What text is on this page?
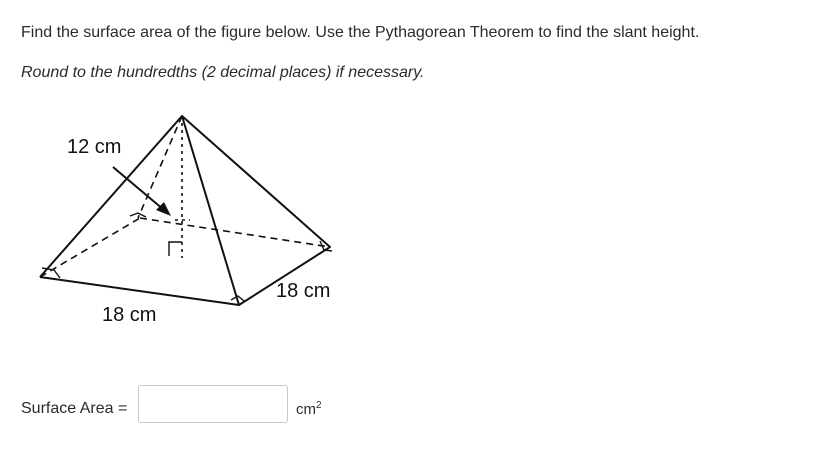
Find the surface area of the figure below. Use the Pythagorean Theorem to find the slant height.
Round to the hundredths (2 decimal places) if necessary.
12 cm
18 cm
18 cm
Surface Area =	$cm^2$
